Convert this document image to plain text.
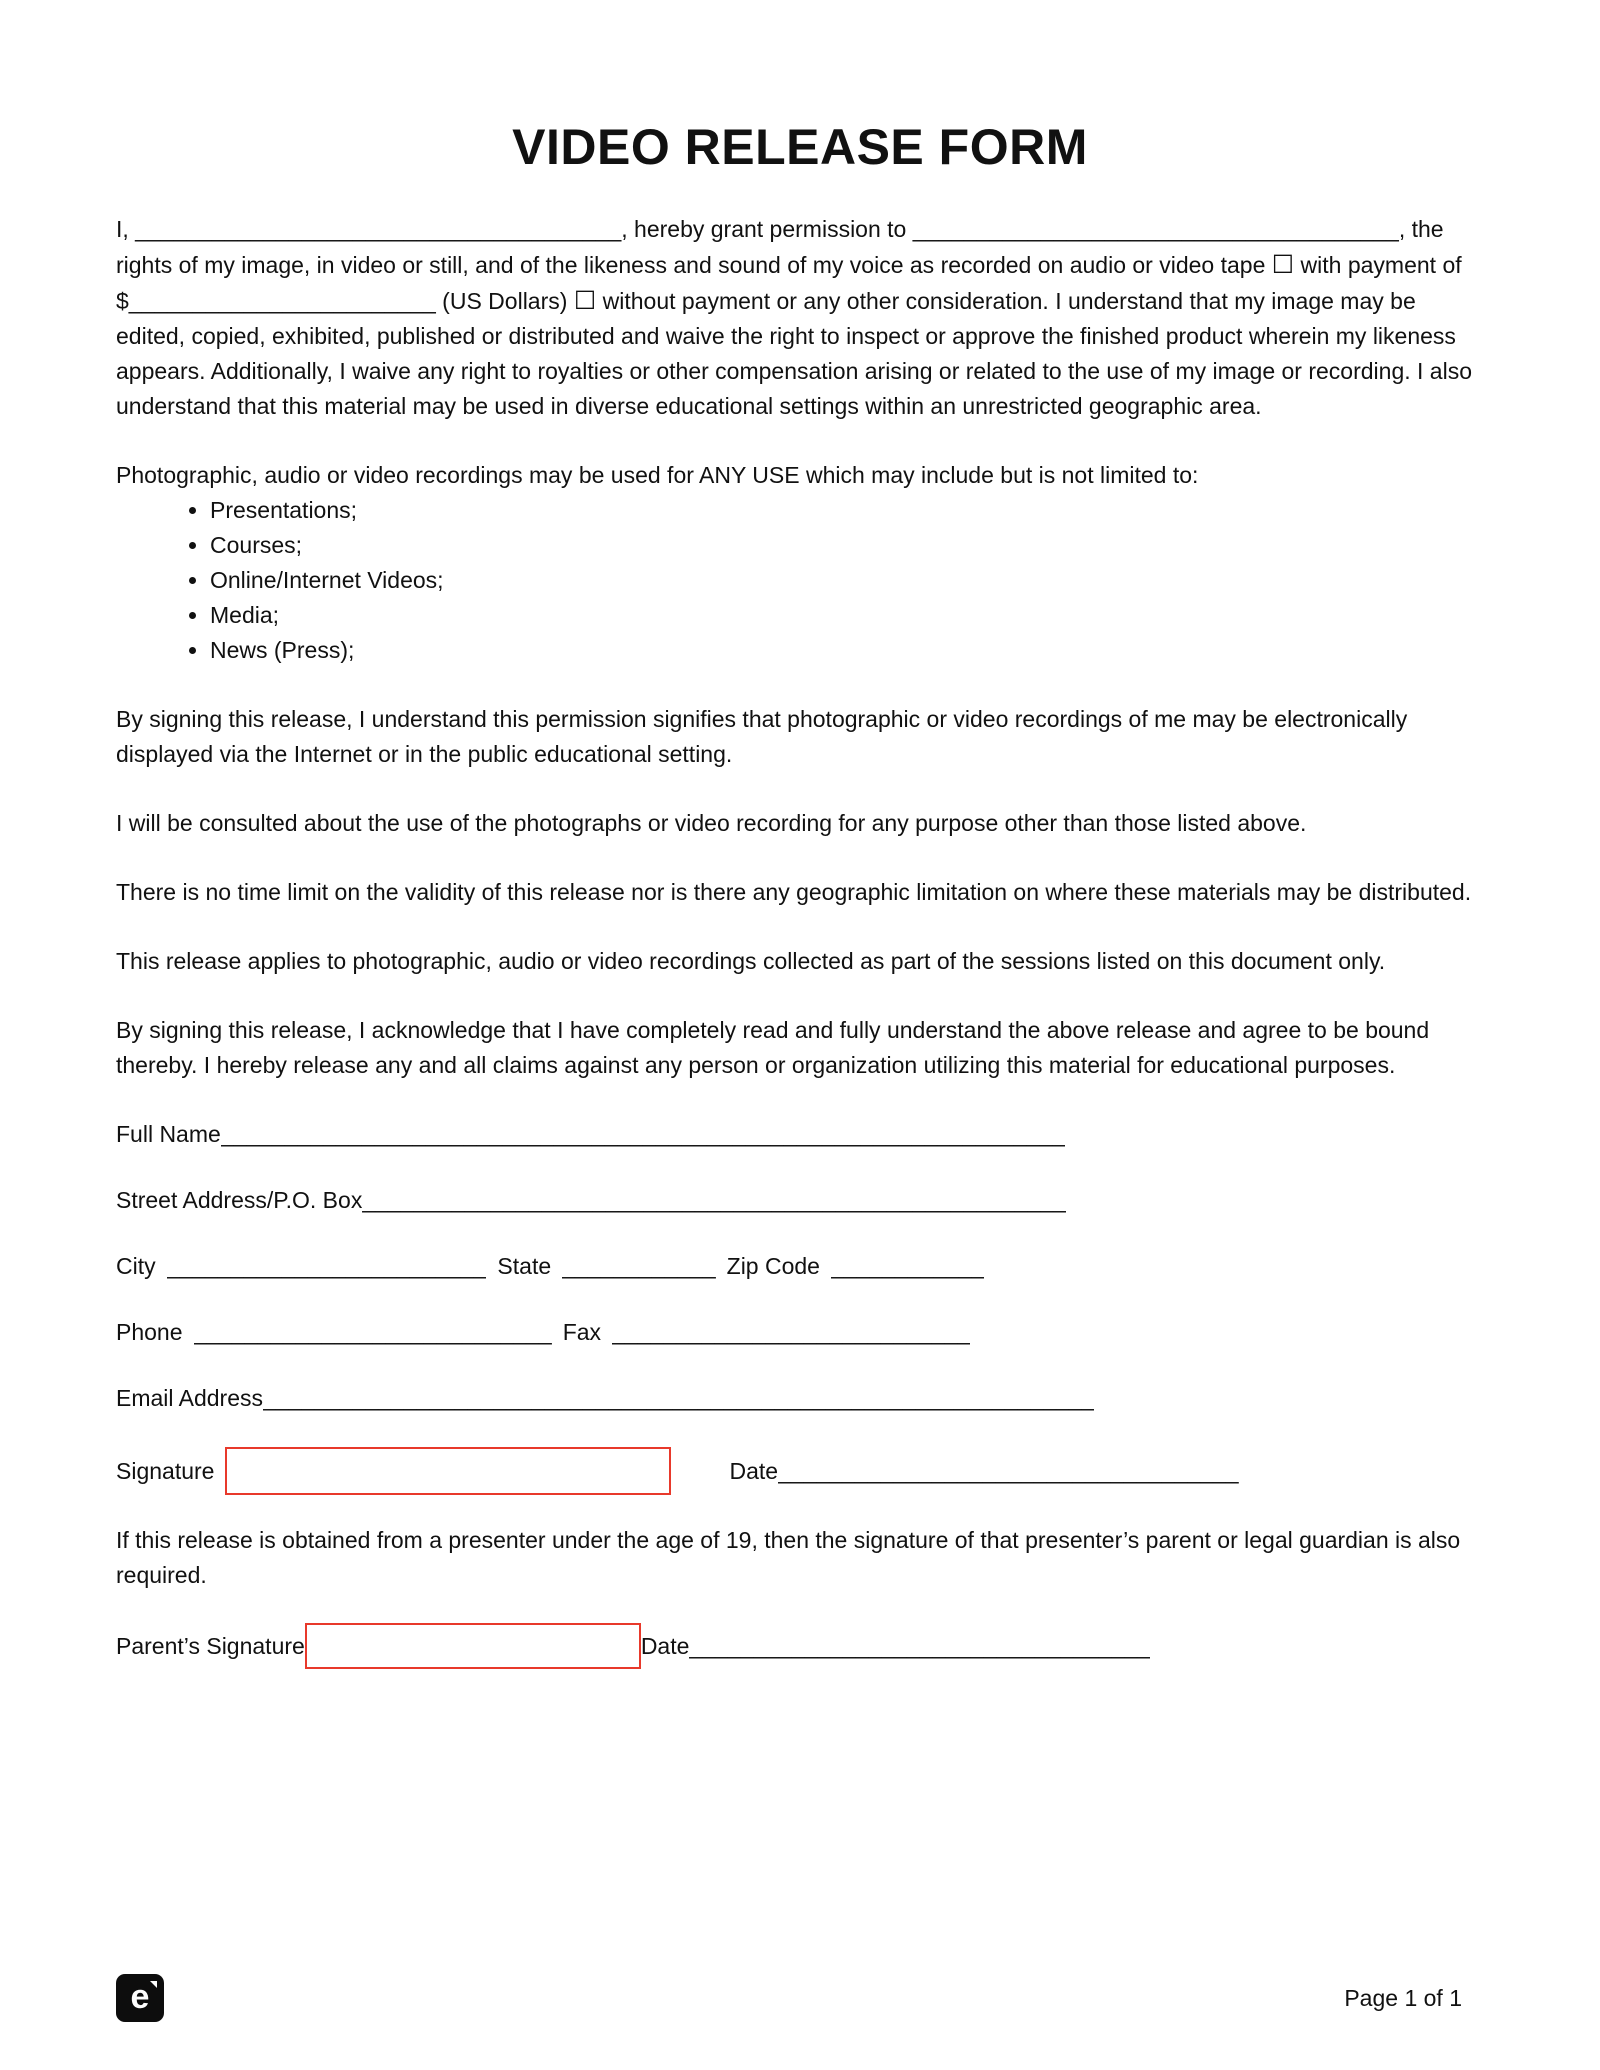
VIDEO RELEASE FORM

I, ______________________________________, hereby grant permission to ______________________________________, the rights of my image, in video or still, and of the likeness and sound of my voice as recorded on audio or video tape ☐ with payment of $________________________ (US Dollars) ☐ without payment or any other consideration. I understand that my image may be edited, copied, exhibited, published or distributed and waive the right to inspect or approve the finished product wherein my likeness appears. Additionally, I waive any right to royalties or other compensation arising or related to the use of my image or recording. I also understand that this material may be used in diverse educational settings within an unrestricted geographic area.

Photographic, audio or video recordings may be used for ANY USE which may include but is not limited to:

• Presentations;
• Courses;
• Online/Internet Videos;
• Media;
• News (Press);

By signing this release, I understand this permission signifies that photographic or video recordings of me may be electronically displayed via the Internet or in the public educational setting.

I will be consulted about the use of the photographs or video recording for any purpose other than those listed above.

There is no time limit on the validity of this release nor is there any geographic limitation on where these materials may be distributed.

This release applies to photographic, audio or video recordings collected as part of the sessions listed on this document only.

By signing this release, I acknowledge that I have completely read and fully understand the above release and agree to be bound thereby. I hereby release any and all claims against any person or organization utilizing this material for educational purposes.

Full Name __________________________________________________________________
Street Address/P.O. Box _______________________________________________________
City _________________________ State ____________ Zip Code ____________
Phone ____________________________ Fax ____________________________
Email Address _________________________________________________________________
Signature	Date ____________________________________

If this release is obtained from a presenter under the age of 19, then the signature of that presenter’s parent or legal guardian is also required.

Parent’s Signature	Date ____________________________________
e	Page 1 of 1
